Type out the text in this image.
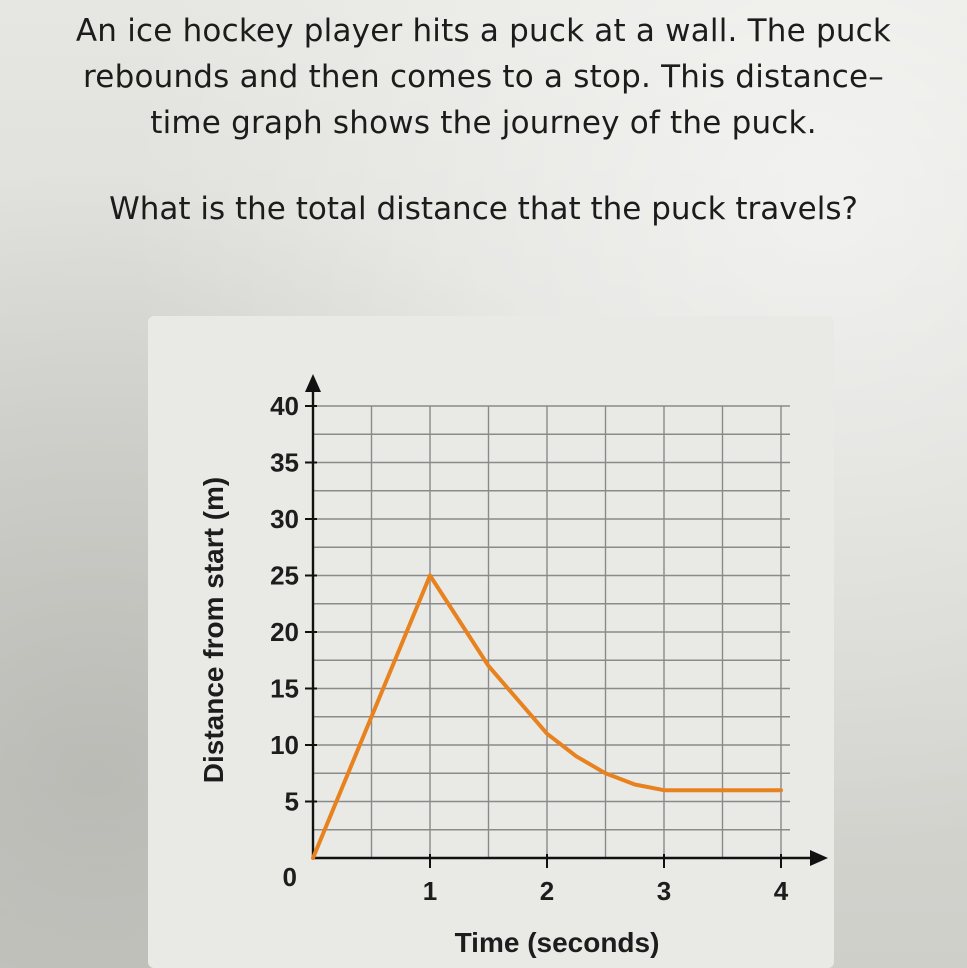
An ice hockey player hits a puck at a wall. The puck

rebounds and then comes to a stop. This distance–

time graph shows the journey of the puck.

What is the total distance that the puck travels?
0
5
10
15
20
25
30
35
40
1	2	3	4
Time (seconds)
Distance from start (m)
